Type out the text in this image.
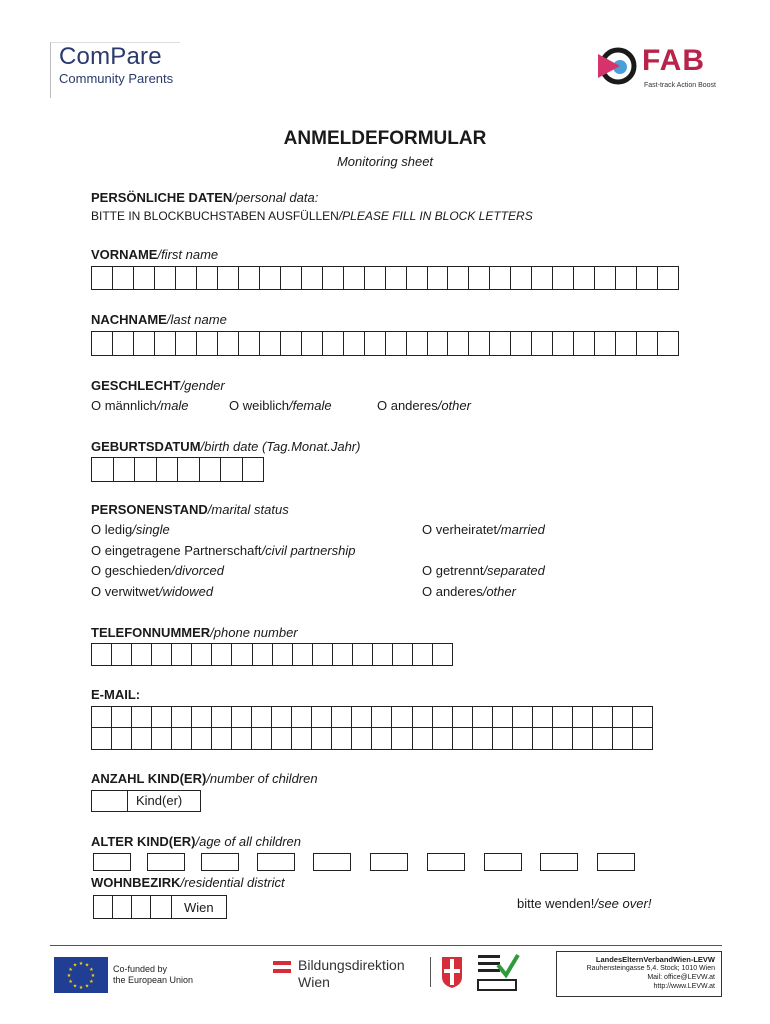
ComPare
Community Parents
FAB
Fast-track Action Boost
ANMELDEFORMULAR
Monitoring sheet
PERSÖNLICHE DATEN/personal data:
BITTE IN BLOCKBUCHSTABEN AUSFÜLLEN/PLEASE FILL IN BLOCK LETTERS
VORNAME/first name
NACHNAME/last name
GESCHLECHT/gender
O männlich/male	O weiblich/female	O anderes/other
GEBURTSDATUM/birth date (Tag.Monat.Jahr)
PERSONENSTAND/marital status
O ledig/single
O eingetragene Partnerschaft/civil partnership
O geschieden/divorced
O verwitwet/widowed
O verheiratet/married
O getrennt/separated
O anderes/other
TELEFONNUMMER/phone number
E-MAIL:
ANZAHL KIND(ER)/number of children
Kind(er)
ALTER KIND(ER)/age of all children
WOHNBEZIRK/residential district
Wien	bitte wenden!/see over!
★ ★
★
★
★
★
★
★
★
★
★
★	Co-funded by
the European Union
Bildungsdirektion
Wien
LandesElternVerbandWien-LEVW
Rauhensteingasse 5,4. Stock; 1010 Wien
Mail: office@LEVW.at
http://www.LEVW.at
